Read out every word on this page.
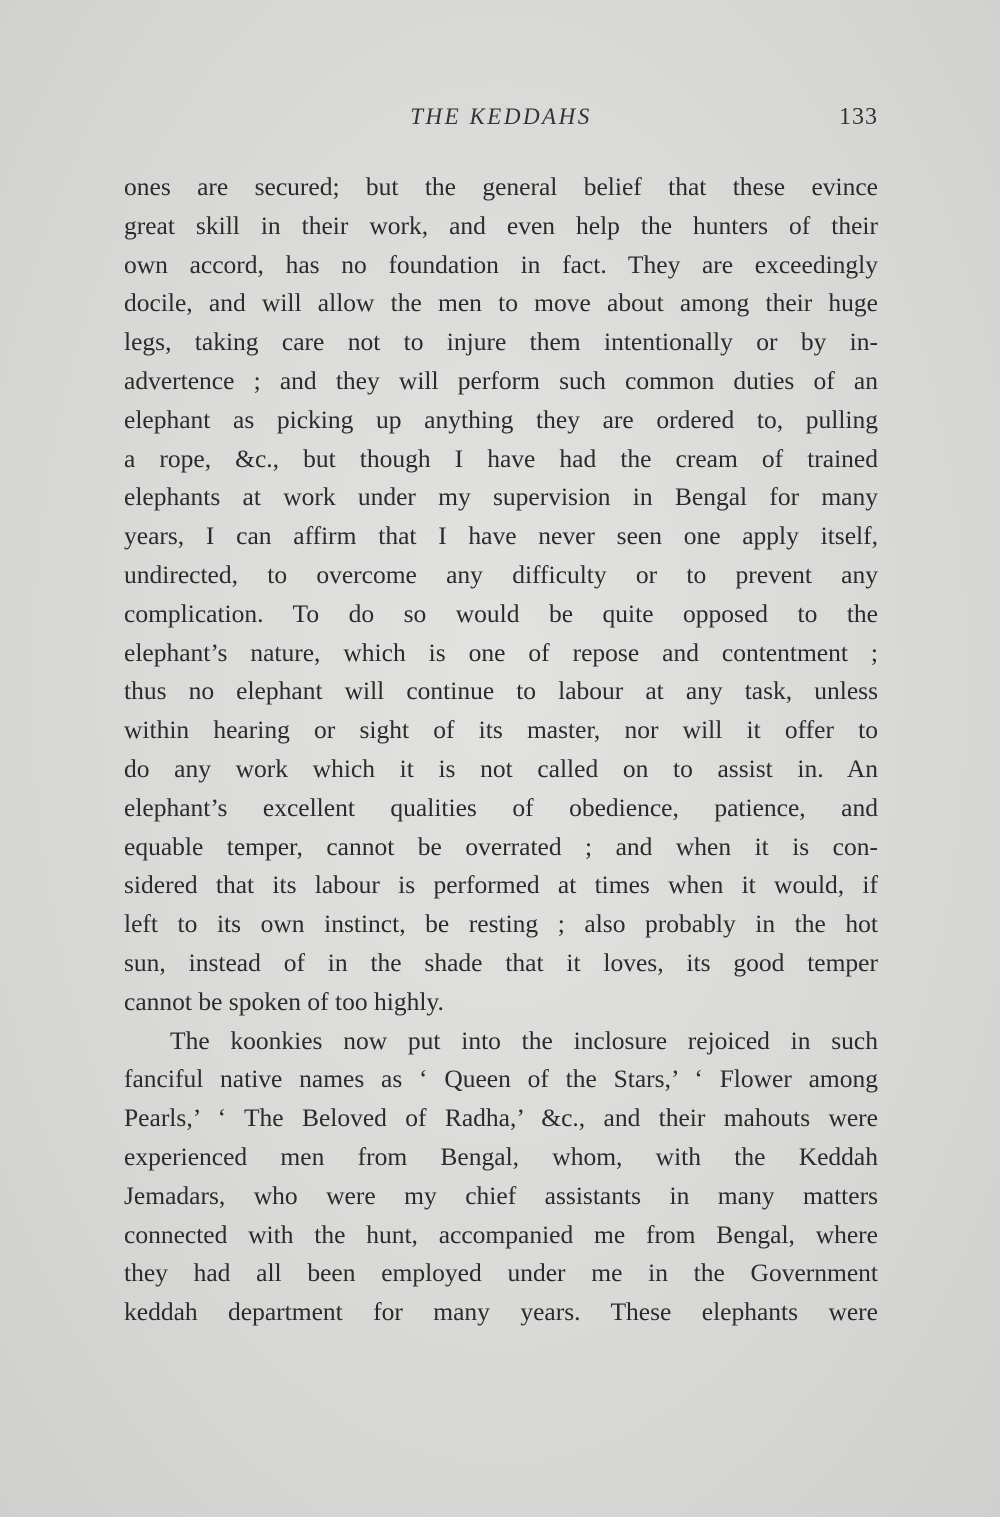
THE KEDDAHS	133
ones are secured; but the general belief that these evince
great skill in their work, and even help the hunters of their
own accord, has no foundation in fact. They are exceedingly
docile, and will allow the men to move about among their huge
legs, taking care not to injure them intentionally or by in-
advertence ; and they will perform such common duties of an
elephant as picking up anything they are ordered to, pulling
a rope, &c., but though I have had the cream of trained
elephants at work under my supervision in Bengal for many
years, I can affirm that I have never seen one apply itself,
undirected, to overcome any difficulty or to prevent any
complication. To do so would be quite opposed to the
elephant’s nature, which is one of repose and contentment ;
thus no elephant will continue to labour at any task, unless
within hearing or sight of its master, nor will it offer to
do any work which it is not called on to assist in. An
elephant’s excellent qualities of obedience, patience, and
equable temper, cannot be overrated ; and when it is con-
sidered that its labour is performed at times when it would, if
left to its own instinct, be resting ; also probably in the hot
sun, instead of in the shade that it loves, its good temper
cannot be spoken of too highly.
The koonkies now put into the inclosure rejoiced in such
fanciful native names as ‘ Queen of the Stars,’ ‘ Flower among
Pearls,’ ‘ The Beloved of Radha,’ &c., and their mahouts were
experienced men from Bengal, whom, with the Keddah
Jemadars, who were my chief assistants in many matters
connected with the hunt, accompanied me from Bengal, where
they had all been employed under me in the Government
keddah department for many years. These elephants were
